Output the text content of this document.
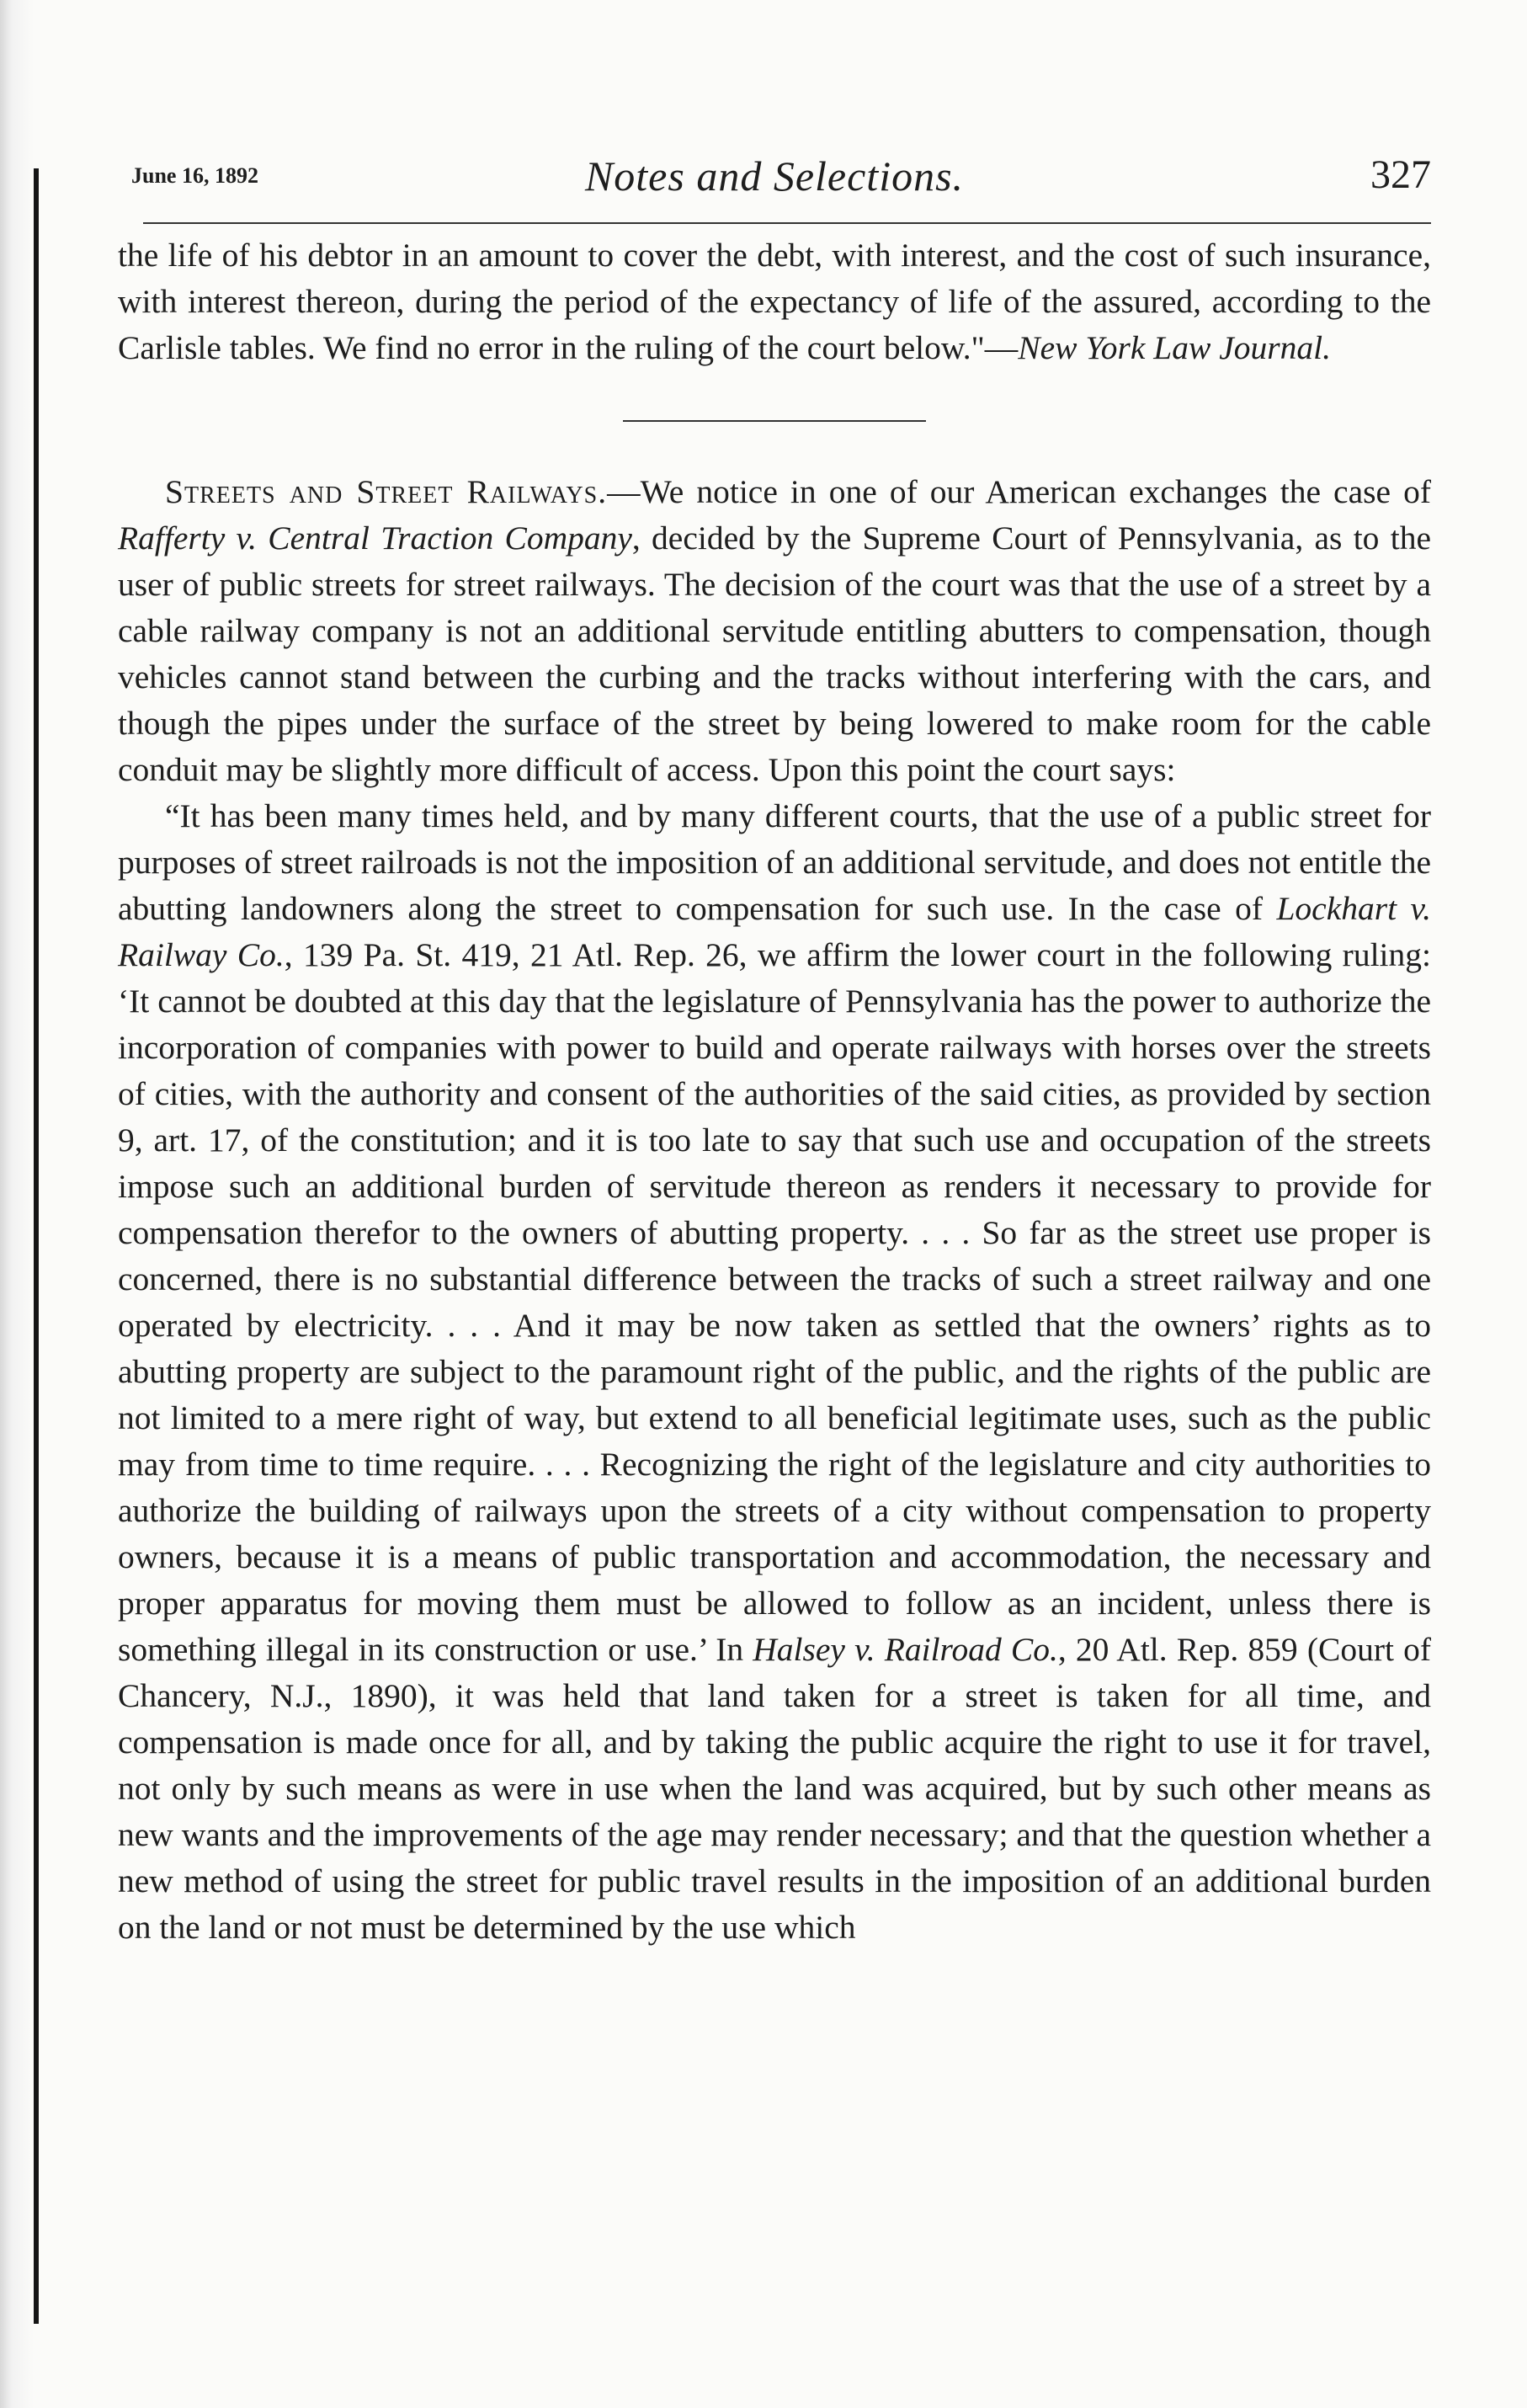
June 16, 1892	Notes and Selections.	327

the life of his debtor in an amount to cover the debt, with interest, and the cost of such insurance, with interest thereon, during the period of the expectancy of life of the assured, according to the Carlisle tables. We find no error in the ruling of the court below."—New York Law Journal.

Streets and Street Railways.—We notice in one of our American exchanges the case of Rafferty v. Central Traction Company, decided by the Supreme Court of Pennsylvania, as to the user of public streets for street railways. The decision of the court was that the use of a street by a cable railway company is not an additional servitude entitling abutters to compensation, though vehicles cannot stand between the curbing and the tracks without interfering with the cars, and though the pipes under the surface of the street by being lowered to make room for the cable conduit may be slightly more difficult of access. Upon this point the court says:

“It has been many times held, and by many different courts, that the use of a public street for purposes of street railroads is not the imposition of an additional servitude, and does not entitle the abutting landowners along the street to compensation for such use. In the case of Lockhart v. Railway Co., 139 Pa. St. 419, 21 Atl. Rep. 26, we affirm the lower court in the following ruling: ‘It cannot be doubted at this day that the legislature of Pennsylvania has the power to authorize the incorporation of companies with power to build and operate railways with horses over the streets of cities, with the authority and consent of the authorities of the said cities, as provided by section 9, art. 17, of the constitution; and it is too late to say that such use and occupation of the streets impose such an additional burden of servitude thereon as renders it necessary to provide for compensation therefor to the owners of abutting property. . . . So far as the street use proper is concerned, there is no substantial difference between the tracks of such a street railway and one operated by electricity. . . . And it may be now taken as settled that the owners’ rights as to abutting property are subject to the paramount right of the public, and the rights of the public are not limited to a mere right of way, but extend to all beneficial legitimate uses, such as the public may from time to time require. . . . Recognizing the right of the legislature and city authorities to authorize the building of railways upon the streets of a city without compensation to property owners, because it is a means of public transportation and accommodation, the necessary and proper apparatus for moving them must be allowed to follow as an incident, unless there is something illegal in its construction or use.’ In Halsey v. Railroad Co., 20 Atl. Rep. 859 (Court of Chancery, N.J., 1890), it was held that land taken for a street is taken for all time, and compensation is made once for all, and by taking the public acquire the right to use it for travel, not only by such means as were in use when the land was acquired, but by such other means as new wants and the improvements of the age may render necessary; and that the question whether a new method of using the street for public travel results in the imposition of an additional burden on the land or not must be determined by the use which
